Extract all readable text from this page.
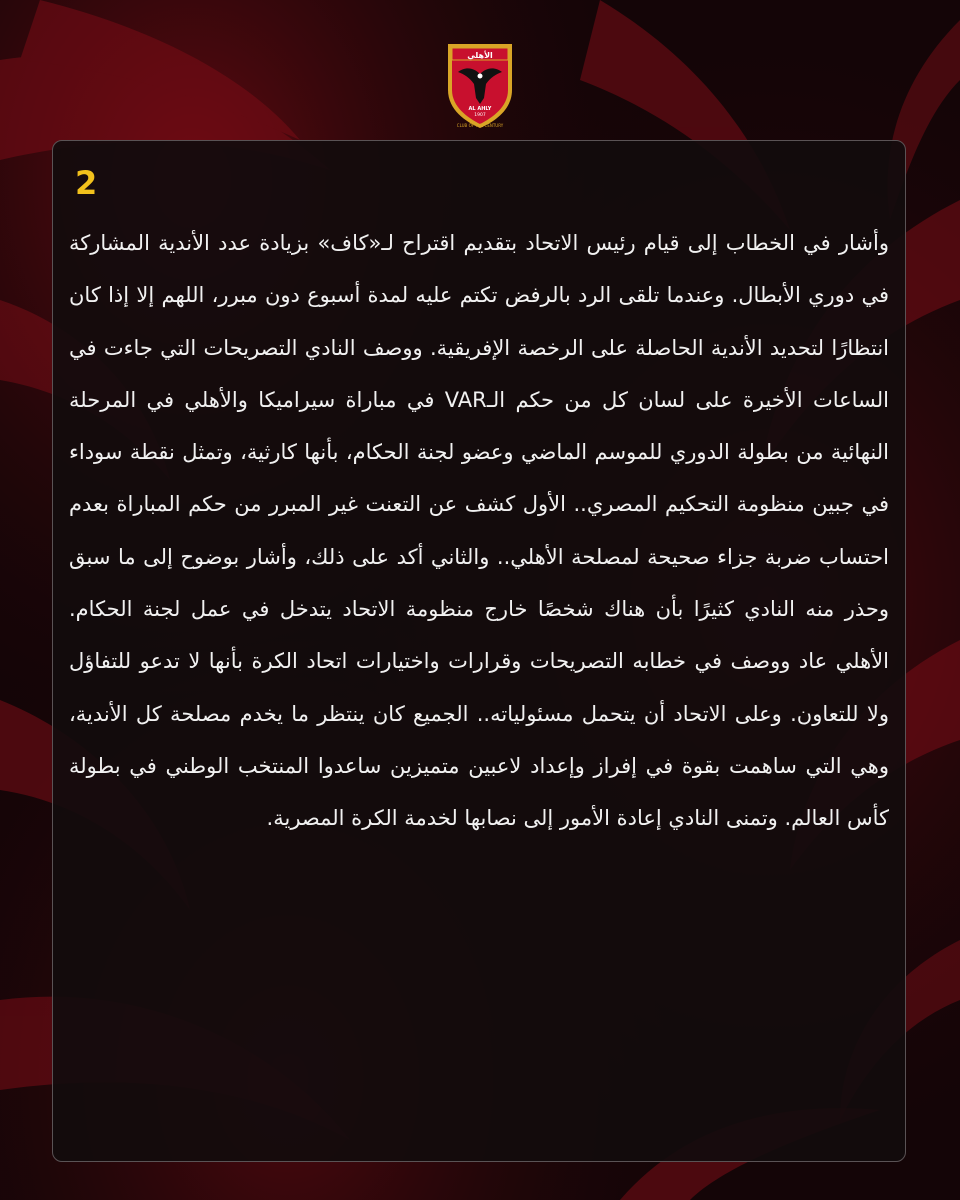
الأهلي
AL AHLY
1907
CLUB OF THE CENTURY
2

وأشار في الخطاب إلى قيام رئيس الاتحاد بتقديم اقتراح لـ«كاف» بزيادة عدد الأندية المشاركة في دوري الأبطال. وعندما تلقى الرد بالرفض تكتم عليه لمدة أسبوع دون مبرر، اللهم إلا إذا كان انتظارًا لتحديد الأندية الحاصلة على الرخصة الإفريقية. ووصف النادي التصريحات التي جاءت في الساعات الأخيرة على لسان كل من حكم الـVAR في مباراة سيراميكا والأهلي في المرحلة النهائية من بطولة الدوري للموسم الماضي وعضو لجنة الحكام، بأنها كارثية، وتمثل نقطة سوداء في جبين منظومة التحكيم المصري.. الأول كشف عن التعنت غير المبرر من حكم المباراة بعدم احتساب ضربة جزاء صحيحة لمصلحة الأهلي.. والثاني أكد على ذلك، وأشار بوضوح إلى ما سبق وحذر منه النادي كثيرًا بأن هناك شخصًا خارج منظومة الاتحاد يتدخل في عمل لجنة الحكام. الأهلي عاد ووصف في خطابه التصريحات وقرارات واختيارات اتحاد الكرة بأنها لا تدعو للتفاؤل ولا للتعاون. وعلى الاتحاد أن يتحمل مسئولياته.. الجميع كان ينتظر ما يخدم مصلحة كل الأندية، وهي التي ساهمت بقوة في إفراز وإعداد لاعبين متميزين ساعدوا المنتخب الوطني في بطولة كأس العالم. وتمنى النادي إعادة الأمور إلى نصابها لخدمة الكرة المصرية.
